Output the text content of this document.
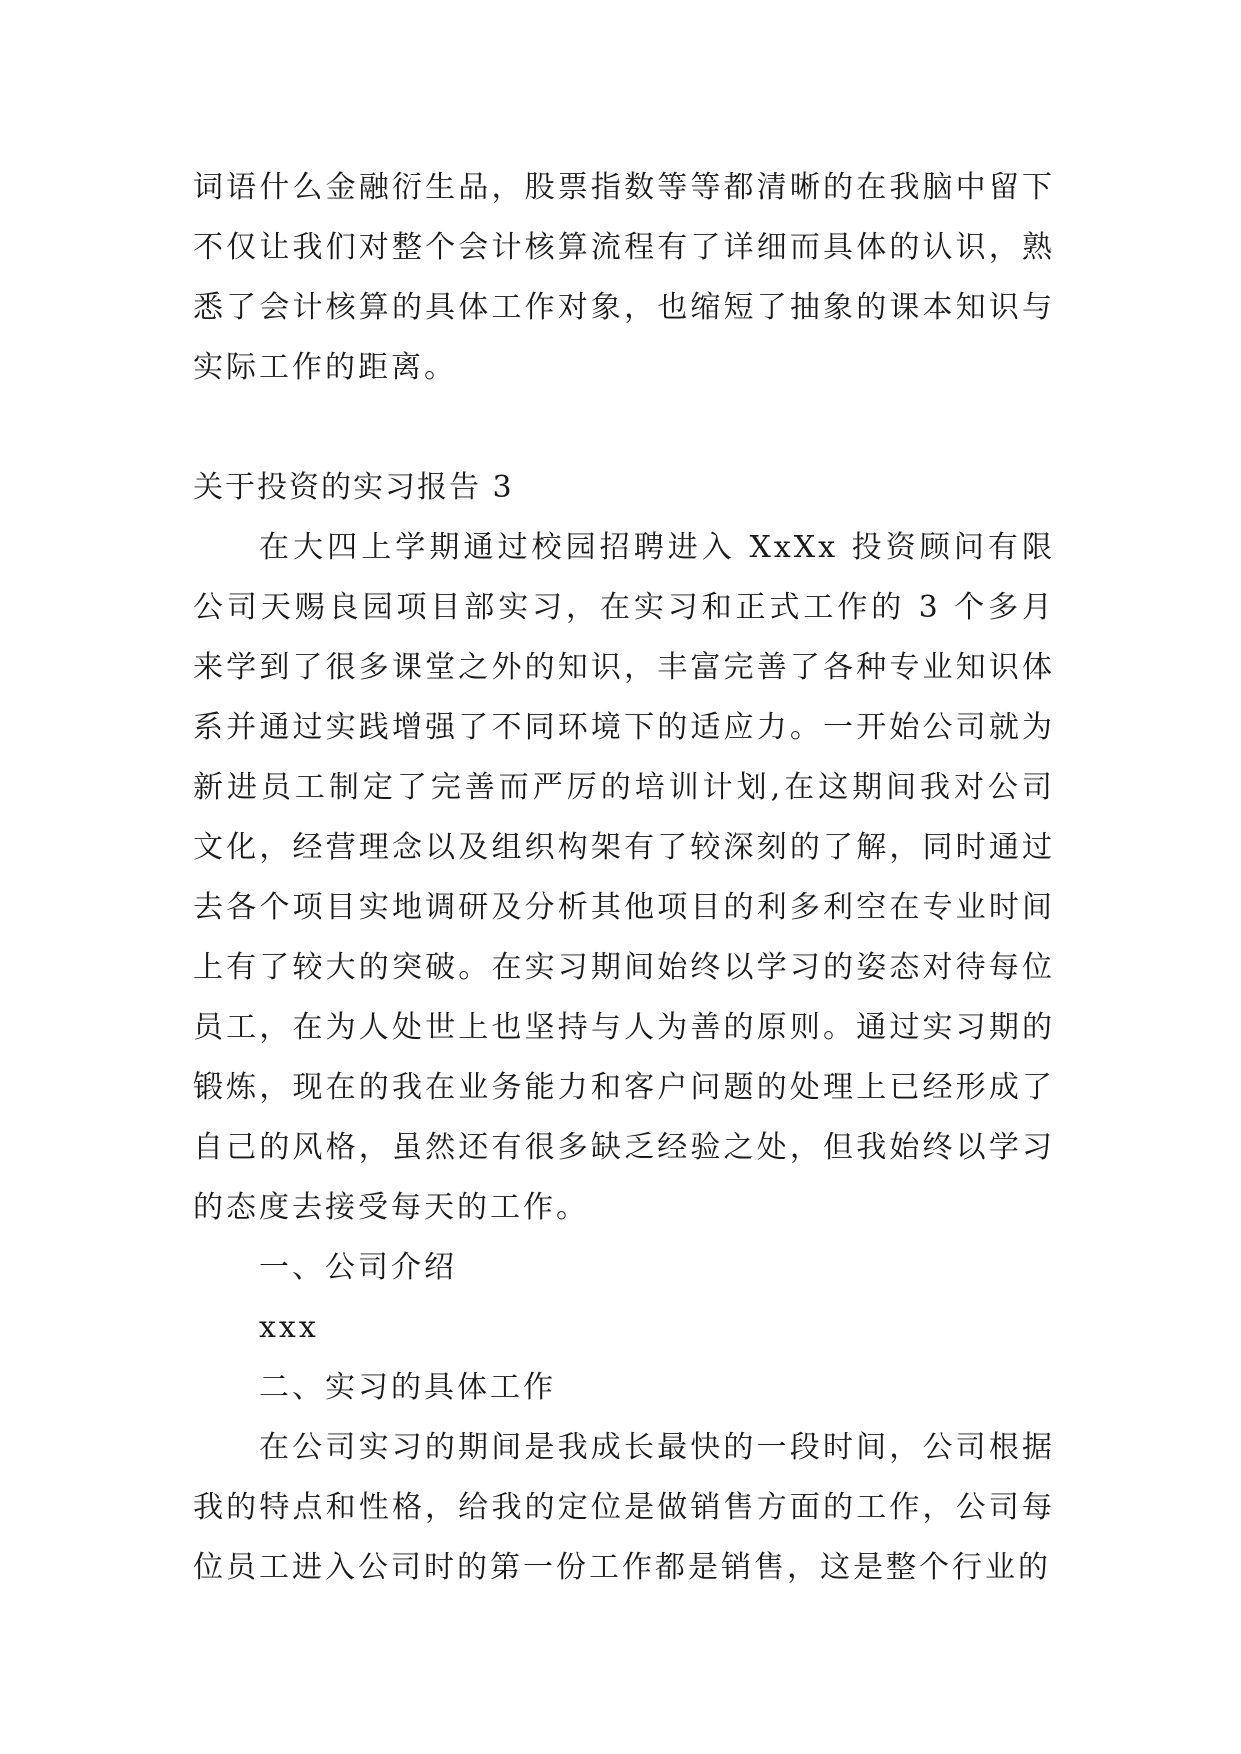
词语什么金融衍生品，股票指数等等都清晰的在我脑中留下不仅让我们对整个会计核算流程有了详细而具体的认识，熟悉了会计核算的具体工作对象，也缩短了抽象的课本知识与实际工作的距离。

关于投资的实习报告 3

在大四上学期通过校园招聘进入 XxXx 投资顾问有限公司天赐良园项目部实习，在实习和正式工作的 3 个多月来学到了很多课堂之外的知识，丰富完善了各种专业知识体系并通过实践增强了不同环境下的适应力。一开始公司就为新进员工制定了完善而严厉的培训计划,在这期间我对公司文化，经营理念以及组织构架有了较深刻的了解，同时通过去各个项目实地调研及分析其他项目的利多利空在专业时间上有了较大的突破。在实习期间始终以学习的姿态对待每位员工，在为人处世上也坚持与人为善的原则。通过实习期的锻炼，现在的我在业务能力和客户问题的处理上已经形成了自己的风格，虽然还有很多缺乏经验之处，但我始终以学习的态度去接受每天的工作。

一、公司介绍

xxx

二、实习的具体工作

在公司实习的期间是我成长最快的一段时间，公司根据我的特点和性格，给我的定位是做销售方面的工作，公司每位员工进入公司时的第一份工作都是销售，这是整个行业的
